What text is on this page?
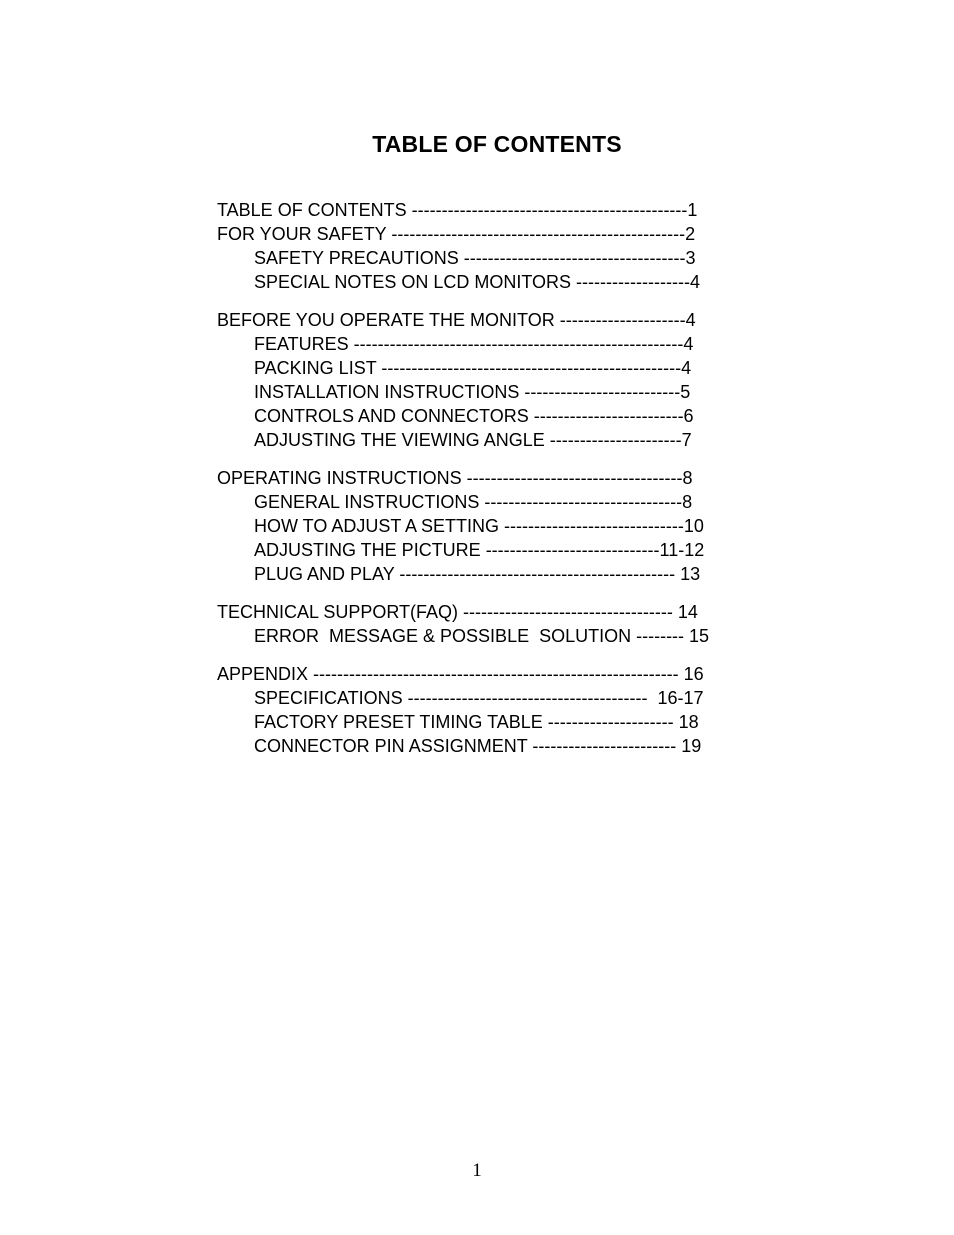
TABLE OF CONTENTS
TABLE OF CONTENTS ----------------------------------------------1
FOR YOUR SAFETY -------------------------------------------------2
SAFETY PRECAUTIONS -------------------------------------3
SPECIAL NOTES ON LCD MONITORS -------------------4
BEFORE YOU OPERATE THE MONITOR ---------------------4
FEATURES -------------------------------------------------------4
PACKING LIST --------------------------------------------------4
INSTALLATION INSTRUCTIONS --------------------------5
CONTROLS AND CONNECTORS -------------------------6
ADJUSTING THE VIEWING ANGLE ----------------------7
OPERATING INSTRUCTIONS ------------------------------------8
GENERAL INSTRUCTIONS ---------------------------------8
HOW TO ADJUST A SETTING ------------------------------10
ADJUSTING THE PICTURE -----------------------------11-12
PLUG AND PLAY ---------------------------------------------- 13
TECHNICAL SUPPORT(FAQ) ----------------------------------- 14
ERROR  MESSAGE & POSSIBLE  SOLUTION -------- 15
APPENDIX ------------------------------------------------------------- 16
SPECIFICATIONS ----------------------------------------  16-17
FACTORY PRESET TIMING TABLE --------------------- 18
CONNECTOR PIN ASSIGNMENT ------------------------ 19
1
